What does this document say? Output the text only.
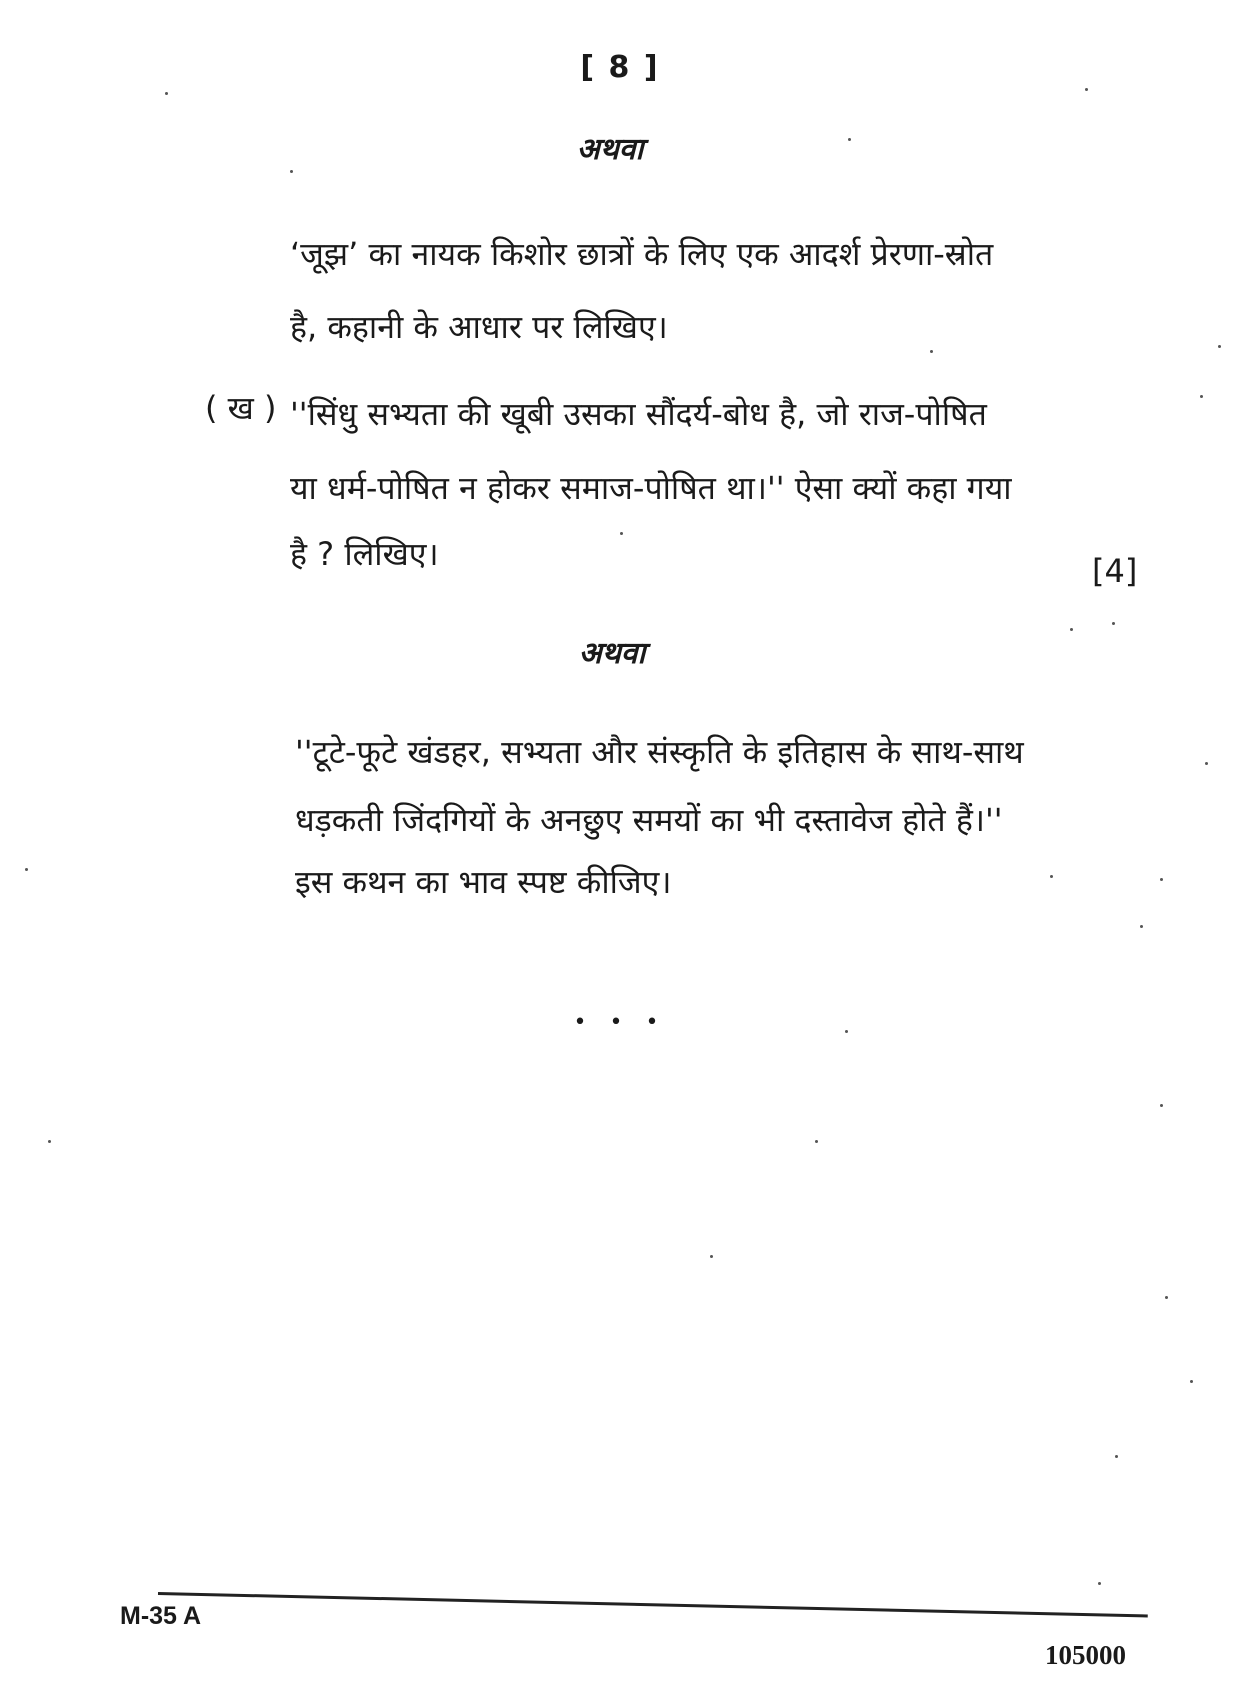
[ 8 ]
अथवा
‘जूझ’ का नायक किशोर छात्रों के लिए एक आदर्श प्रेरणा-स्रोत
है, कहानी के आधार पर लिखिए।
( ख ) ''सिंधु सभ्यता की खूबी उसका सौंदर्य-बोध है, जो राज-पोषित
या धर्म-पोषित न होकर समाज-पोषित था।'' ऐसा क्यों कहा गया
है ? लिखिए।	[4]
अथवा
''टूटे-फूटे खंडहर, सभ्यता और संस्कृति के इतिहास के साथ-साथ
धड़कती जिंदगियों के अनछुए समयों का भी दस्तावेज होते हैं।''
इस कथन का भाव स्पष्ट कीजिए।
• • •
M-35 A
105000
